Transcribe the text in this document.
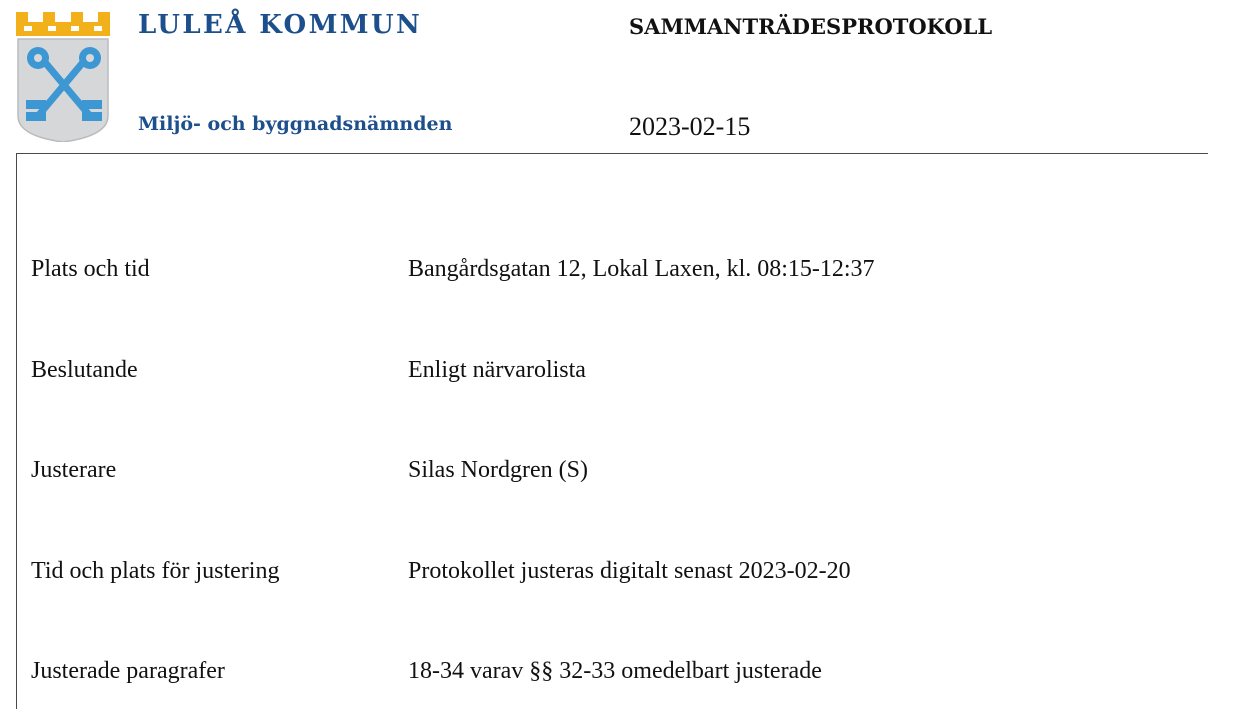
LULEÅ KOMMUN
Miljö- och byggnadsnämnden
SAMMANTRÄDESPROTOKOLL
2023-02-15
Plats och tid	Bangårdsgatan 12, Lokal Laxen, kl. 08:15-12:37
Beslutande	Enligt närvarolista
Justerare	Silas Nordgren (S)
Tid och plats för justering	Protokollet justeras digitalt senast 2023-02-20
Justerade paragrafer	18-34 varav §§ 32-33 omedelbart justerade
